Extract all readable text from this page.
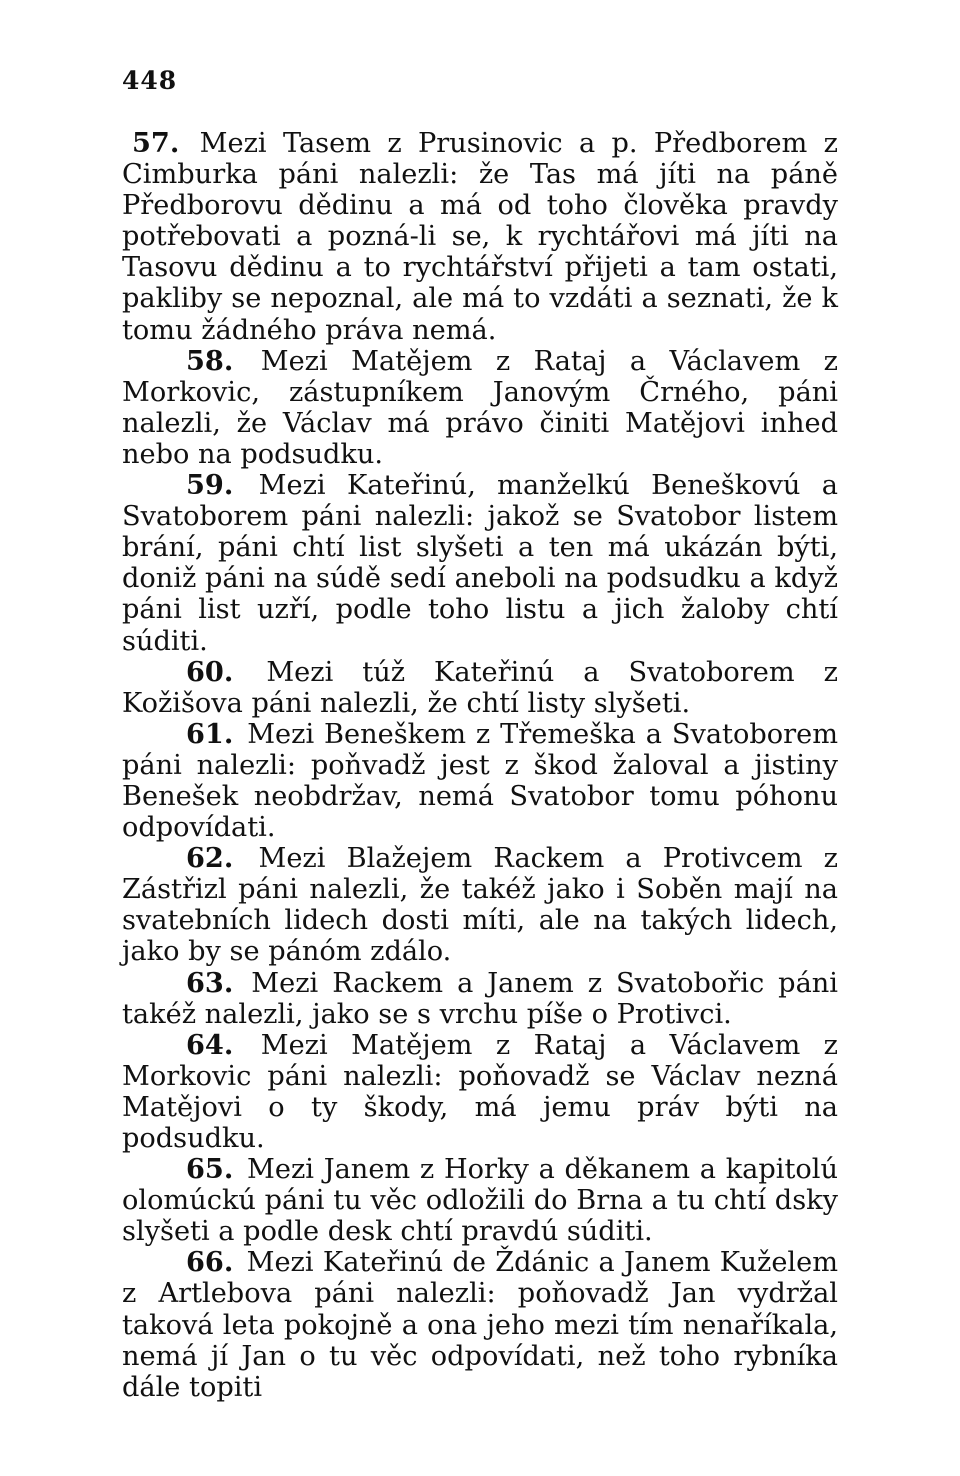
448

57. Mezi Tasem z Prusinovic a p. Předborem z Cimburka páni nalezli: že Tas má jíti na páně Předborovu dědinu a má od toho člověka pravdy potřebovati a pozná-li se, k rychtářovi má jíti na Tasovu dědinu a to rychtářství přijeti a tam ostati, pakliby se nepoznal, ale má to vzdáti a seznati, že k tomu žádného práva nemá.

58. Mezi Matějem z Rataj a Václavem z Morkovic, zástupníkem Janovým Črného, páni nalezli, že Václav má právo činiti Matějovi inhed nebo na podsudku.

59. Mezi Kateřinú, manželkú Beneškovú a Svatoborem páni nalezli: jakož se Svatobor listem brání, páni chtí list slyšeti a ten má ukázán býti, doniž páni na súdě sedí aneboli na podsudku a když páni list uzří, podle toho listu a jich žaloby chtí súditi.

60. Mezi túž Kateřinú a Svatoborem z Kožišova páni nalezli, že chtí listy slyšeti.

61. Mezi Beneškem z Třemeška a Svatoborem páni nalezli: poňvadž jest z škod žaloval a jistiny Benešek neobdržav, nemá Svatobor tomu póhonu odpovídati.

62. Mezi Blažejem Rackem a Protivcem z Zástřizl páni nalezli, že takéž jako i Soběn mají na svatebních lidech dosti míti, ale na takých lidech, jako by se pánóm zdálo.

63. Mezi Rackem a Janem z Svatobořic páni takéž nalezli, jako se s vrchu píše o Protivci.

64. Mezi Matějem z Rataj a Václavem z Morkovic páni nalezli: poňovadž se Václav nezná Matějovi o ty škody, má jemu práv býti na podsudku.

65. Mezi Janem z Horky a děkanem a kapitolú olomúckú páni tu věc odložili do Brna a tu chtí dsky slyšeti a podle desk chtí pravdú súditi.

66. Mezi Kateřinú de Ždánic a Janem Kuželem z Artlebova páni nalezli: poňovadž Jan vydržal taková leta pokojně a ona jeho mezi tím nenaříkala, nemá jí Jan o tu věc odpovídati, než toho rybníka dále topiti
